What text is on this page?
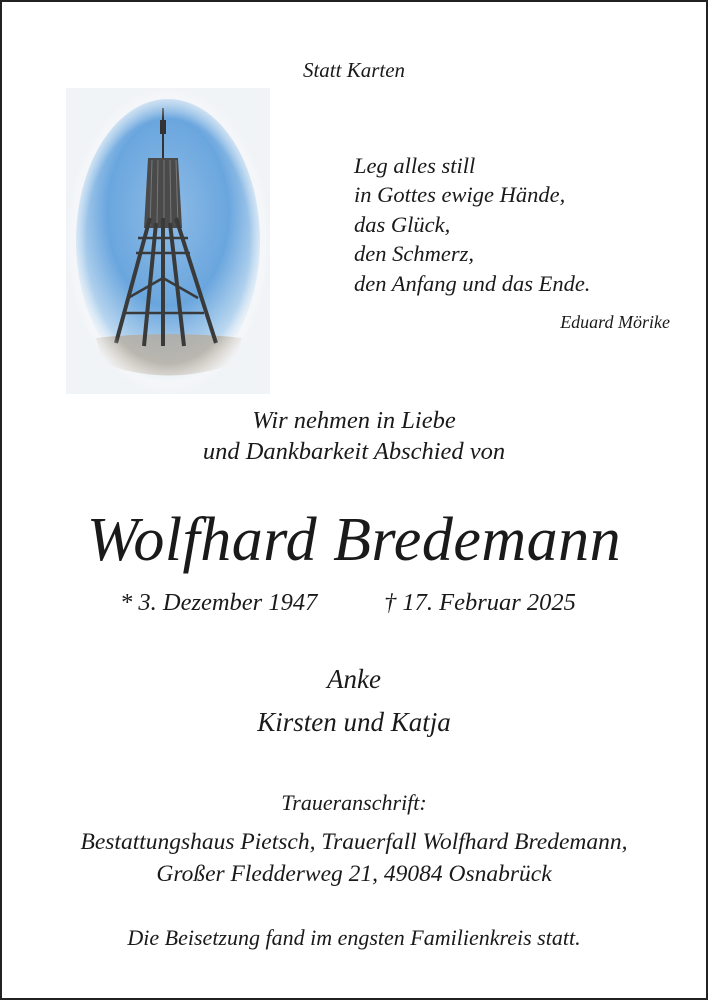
Statt Karten
Leg alles still
in Gottes ewige Hände,
das Glück,
den Schmerz,
den Anfang und das Ende.
Eduard Mörike
Wir nehmen in Liebe
und Dankbarkeit Abschied von
Wolfhard Bredemann
* 3. Dezember 1947	† 17. Februar 2025
Anke
Kirsten und Katja
Traueranschrift:
Bestattungshaus Pietsch, Trauerfall Wolfhard Bredemann,
Großer Fledderweg 21, 49084 Osnabrück
Die Beisetzung fand im engsten Familienkreis statt.
